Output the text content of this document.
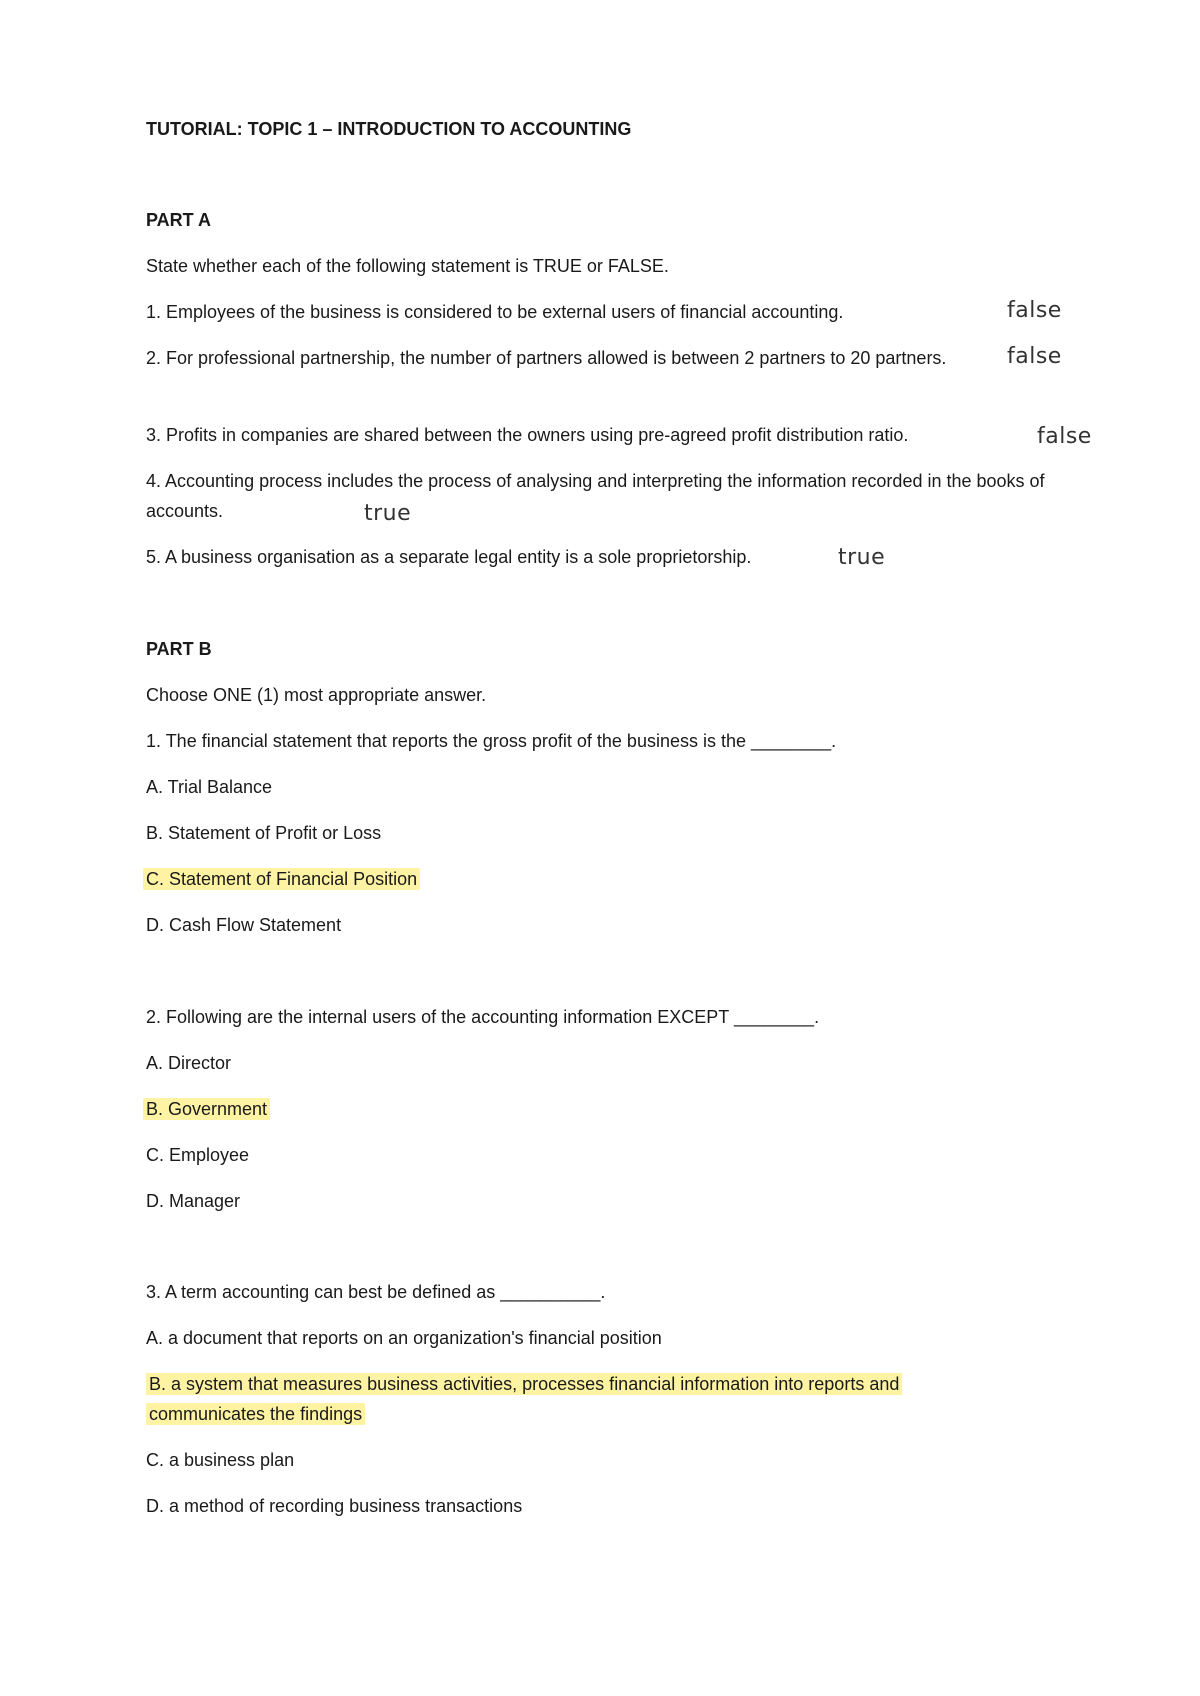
TUTORIAL: TOPIC 1 – INTRODUCTION TO ACCOUNTING
PART A
State whether each of the following statement is TRUE or FALSE.
1. Employees of the business is considered to be external users of financial accounting.	false
2. For professional partnership, the number of partners allowed is between 2 partners to 20 partners.	false
3. Profits in companies are shared between the owners using pre-agreed profit distribution ratio.	false
4. Accounting process includes the process of analysing and interpreting the information recorded in the books of accounts.	true
5. A business organisation as a separate legal entity is a sole proprietorship.	true
PART B
Choose ONE (1) most appropriate answer.
1. The financial statement that reports the gross profit of the business is the ________.
A. Trial Balance
B. Statement of Profit or Loss
C. Statement of Financial Position
D. Cash Flow Statement
2. Following are the internal users of the accounting information EXCEPT ________.
A. Director
B. Government
C. Employee
D. Manager
3. A term accounting can best be defined as __________.
A. a document that reports on an organization's financial position
B. a system that measures business activities, processes financial information into reports and communicates the findings
C. a business plan
D. a method of recording business transactions
